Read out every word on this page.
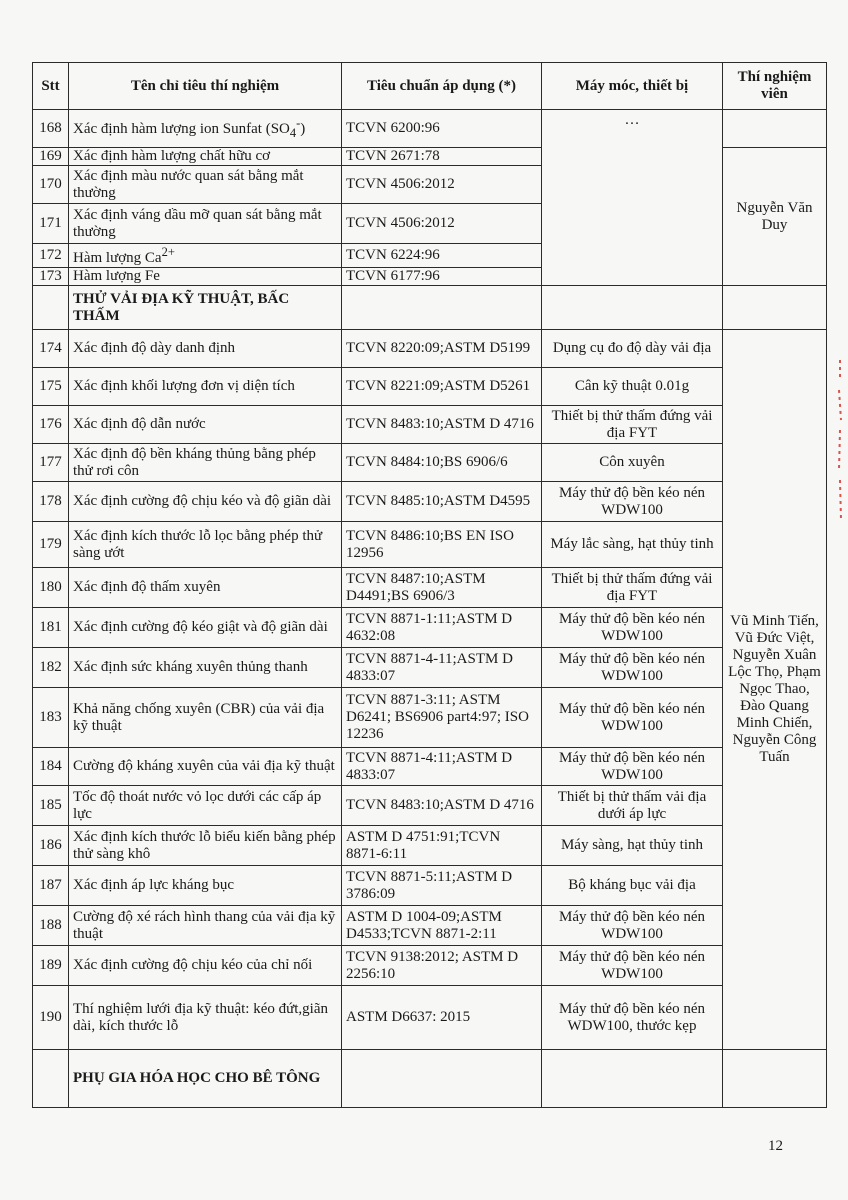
Stt	Tên chỉ tiêu thí nghiệm	Tiêu chuẩn áp dụng (*)	Máy móc, thiết bị	Thí nghiệm viên
168	Xác định hàm lượng ion Sunfat $(SO_4^-)$	TCVN 6200:96	…	
169	Xác định hàm lượng chất hữu cơ	TCVN 2671:78		Nguyễn Văn Duy
170	Xác định màu nước quan sát bằng mắt thường	TCVN 4506:2012		
171	Xác định váng dầu mỡ quan sát bằng mắt thường	TCVN 4506:2012		
172	Hàm lượng $Ca^{2+}$	TCVN 6224:96		
173	Hàm lượng Fe	TCVN 6177:96		
	THỬ VẢI ĐỊA KỸ THUẬT, BẤC THẤM			
174	Xác định độ dày danh định	TCVN 8220:09;ASTM D5199	Dụng cụ đo độ dày vải địa	Vũ Minh Tiến, Vũ Đức Việt, Nguyễn Xuân Lộc Thọ, Phạm Ngọc Thao, Đào Quang Minh Chiến, Nguyễn Công Tuấn
175	Xác định khối lượng đơn vị diện tích	TCVN 8221:09;ASTM D5261	Cân kỹ thuật 0.01g	
176	Xác định độ dẫn nước	TCVN 8483:10;ASTM D 4716	Thiết bị thử thấm đứng vải địa FYT	
177	Xác định độ bền kháng thủng bằng phép thử rơi côn	TCVN 8484:10;BS 6906/6	Côn xuyên	
178	Xác định cường độ chịu kéo và độ giãn dài	TCVN 8485:10;ASTM D4595	Máy thử độ bền kéo nén WDW100	
179	Xác định kích thước lỗ lọc bằng phép thử sàng ướt	TCVN 8486:10;BS EN ISO 12956	Máy lắc sàng, hạt thủy tinh	
180	Xác định độ thấm xuyên	TCVN 8487:10;ASTM D4491;BS 6906/3	Thiết bị thử thấm đứng vải địa FYT	
181	Xác định cường độ kéo giật và độ giãn dài	TCVN 8871-1:11;ASTM D 4632:08	Máy thử độ bền kéo nén WDW100	
182	Xác định sức kháng xuyên thủng thanh	TCVN 8871-4-11;ASTM D 4833:07	Máy thử độ bền kéo nén WDW100	
183	Khả năng chống xuyên (CBR) của vải địa kỹ thuật	TCVN 8871-3:11; ASTM D6241; BS6906 part4:97; ISO 12236	Máy thử độ bền kéo nén WDW100	
184	Cường độ kháng xuyên của vải địa kỹ thuật	TCVN 8871-4:11;ASTM D 4833:07	Máy thử độ bền kéo nén WDW100	
185	Tốc độ thoát nước vỏ lọc dưới các cấp áp lực	TCVN 8483:10;ASTM D 4716	Thiết bị thử thấm vải địa dưới áp lực	
186	Xác định kích thước lỗ biểu kiến bằng phép thử sàng khô	ASTM D 4751:91;TCVN 8871-6:11	Máy sàng, hạt thủy tinh	
187	Xác định áp lực kháng bục	TCVN 8871-5:11;ASTM D 3786:09	Bộ kháng bục vải địa	
188	Cường độ xé rách hình thang của vải địa kỹ thuật	ASTM D 1004-09;ASTM D4533;TCVN 8871-2:11	Máy thử độ bền kéo nén WDW100	
189	Xác định cường độ chịu kéo của chỉ nối	TCVN 9138:2012; ASTM D 2256:10	Máy thử độ bền kéo nén WDW100	
190	Thí nghiệm lưới địa kỹ thuật: kéo đứt,giãn dài, kích thước lỗ	ASTM D6637: 2015	Máy thử độ bền kéo nén WDW100, thước kẹp	
	PHỤ GIA HÓA HỌC CHO BÊ TÔNG			
12
